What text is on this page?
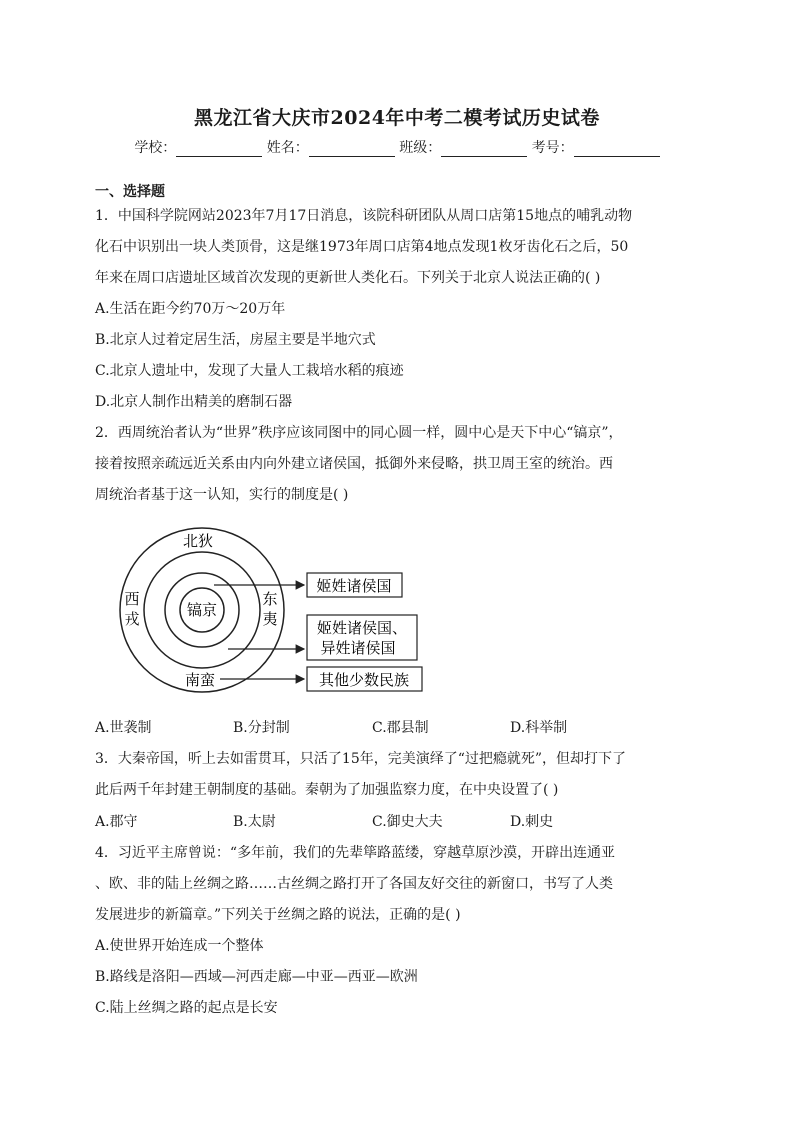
黑龙江省大庆市2024年中考二模考试历史试卷
学校：	姓名：	班级：	考号：
一、选择题
1．中国科学院网站2023年7月17日消息，该院科研团队从周口店第15地点的哺乳动物
化石中识别出一块人类顶骨，这是继1973年周口店第4地点发现1枚牙齿化石之后，50
年来在周口店遗址区域首次发现的更新世人类化石。下列关于北京人说法正确的( )
A.生活在距今约70万～20万年
B.北京人过着定居生活，房屋主要是半地穴式
C.北京人遗址中，发现了大量人工栽培水稻的痕迹
D.北京人制作出精美的磨制石器
2．西周统治者认为“世界”秩序应该同图中的同心圆一样，圆中心是天下中心“镐京”，
接着按照亲疏远近关系由内向外建立诸侯国，抵御外来侵略，拱卫周王室的统治。西
周统治者基于这一认知，实行的制度是( )
镐京
北狄
西
戎
东
夷
南蛮
姬姓诸侯国
姬姓诸侯国、
异姓诸侯国
其他少数民族
A.世袭制	B.分封制	C.郡县制	D.科举制
3．大秦帝国，听上去如雷贯耳，只活了15年，完美演绎了“过把瘾就死”，但却打下了
此后两千年封建王朝制度的基础。秦朝为了加强监察力度，在中央设置了( )
A.郡守	B.太尉	C.御史大夫	D.刺史
4．习近平主席曾说：“多年前，我们的先辈筚路蓝缕，穿越草原沙漠，开辟出连通亚
、欧、非的陆上丝绸之路……古丝绸之路打开了各国友好交往的新窗口，书写了人类
发展进步的新篇章。”下列关于丝绸之路的说法，正确的是( )
A.使世界开始连成一个整体
B.路线是洛阳—西域—河西走廊—中亚—西亚—欧洲
C.陆上丝绸之路的起点是长安
